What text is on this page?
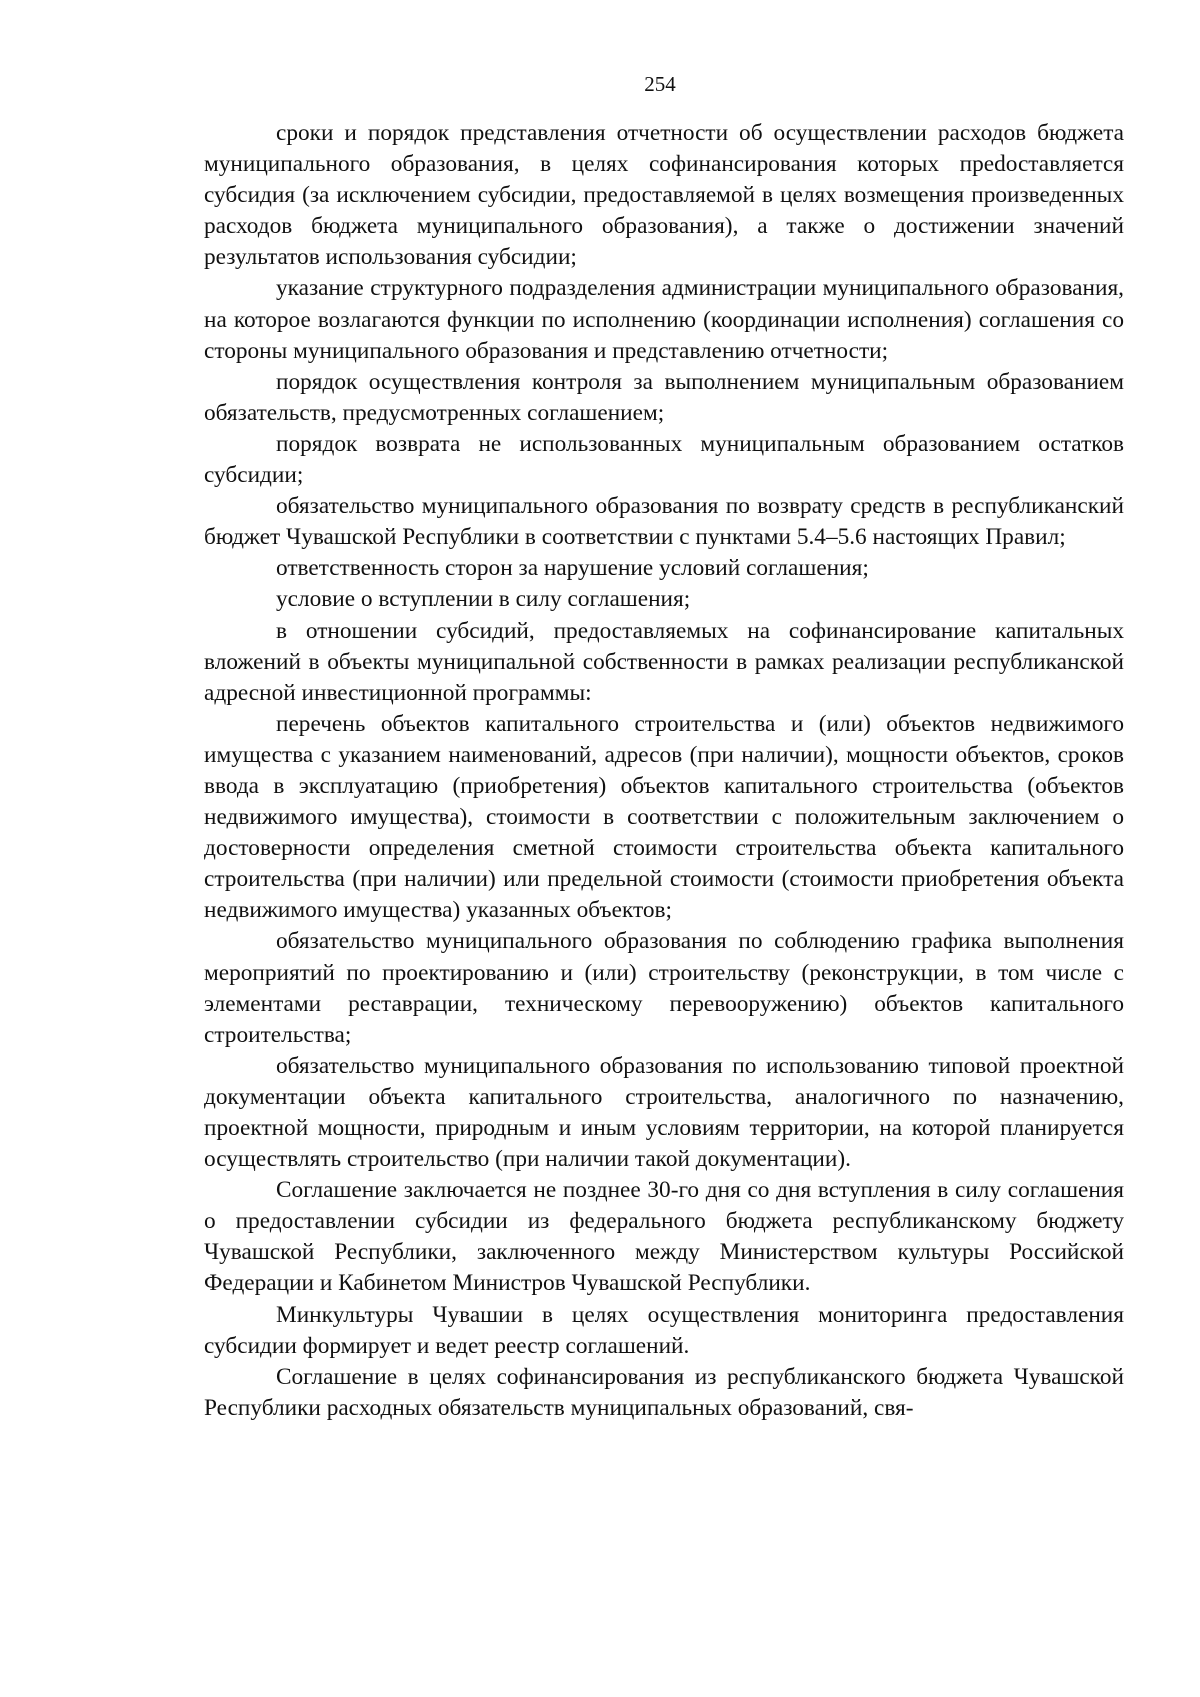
254

сроки и порядок представления отчетности об осуществлении расходов бюджета муниципального образования, в целях софинансирования которых преdоставляется субсидия (за исключением субсидии, предоставляемой в целях возмещения произведенных расходов бюджета муниципального образования), а также о достижении значений результатов использования субсидии;

указание структурного подразделения администрации муниципального образования, на которое возлагаются функции по исполнению (координации исполнения) соглашения со стороны муниципального образования и представлению отчетности;

порядок осуществления контроля за выполнением муниципальным образованием обязательств, предусмотренных соглашением;

порядок возврата не использованных муниципальным образованием остатков субсидии;

обязательство муниципального образования по возврату средств в республиканский бюджет Чувашской Республики в соответствии с пунктами 5.4–5.6 настоящих Правил;

ответственность сторон за нарушение условий соглашения;

условие о вступлении в силу соглашения;

в отношении субсидий, предоставляемых на софинансирование капитальных вложений в объекты муниципальной собственности в рамках реализации республиканской адресной инвестиционной программы:

перечень объектов капитального строительства и (или) объектов недвижимого имущества с указанием наименований, адресов (при наличии), мощности объектов, сроков ввода в эксплуатацию (приобретения) объектов капитального строительства (объектов недвижимого имущества), стоимости в соответствии с положительным заключением о достоверности определения сметной стоимости строительства объекта капитального строительства (при наличии) или предельной стоимости (стоимости приобретения объекта недвижимого имущества) указанных объектов;

обязательство муниципального образования по соблюдению графика выполнения мероприятий по проектированию и (или) строительству (реконструкции, в том числе с элементами реставрации, техническому перевооружению) объектов капитального строительства;

обязательство муниципального образования по использованию типовой проектной документации объекта капитального строительства, аналогичного по назначению, проектной мощности, природным и иным условиям территории, на которой планируется осуществлять строительство (при наличии такой документации).

Соглашение заключается не позднее 30-го дня со дня вступления в силу соглашения о предоставлении субсидии из федерального бюджета республиканскому бюджету Чувашской Республики, заключенного между Министерством культуры Российской Федерации и Кабинетом Министров Чувашской Республики.

Минкультуры Чувашии в целях осуществления мониторинга предоставления субсидии формирует и ведет реестр соглашений.

Соглашение в целях софинансирования из республиканского бюджета Чувашской Республики расходных обязательств муниципальных образований, свя-
